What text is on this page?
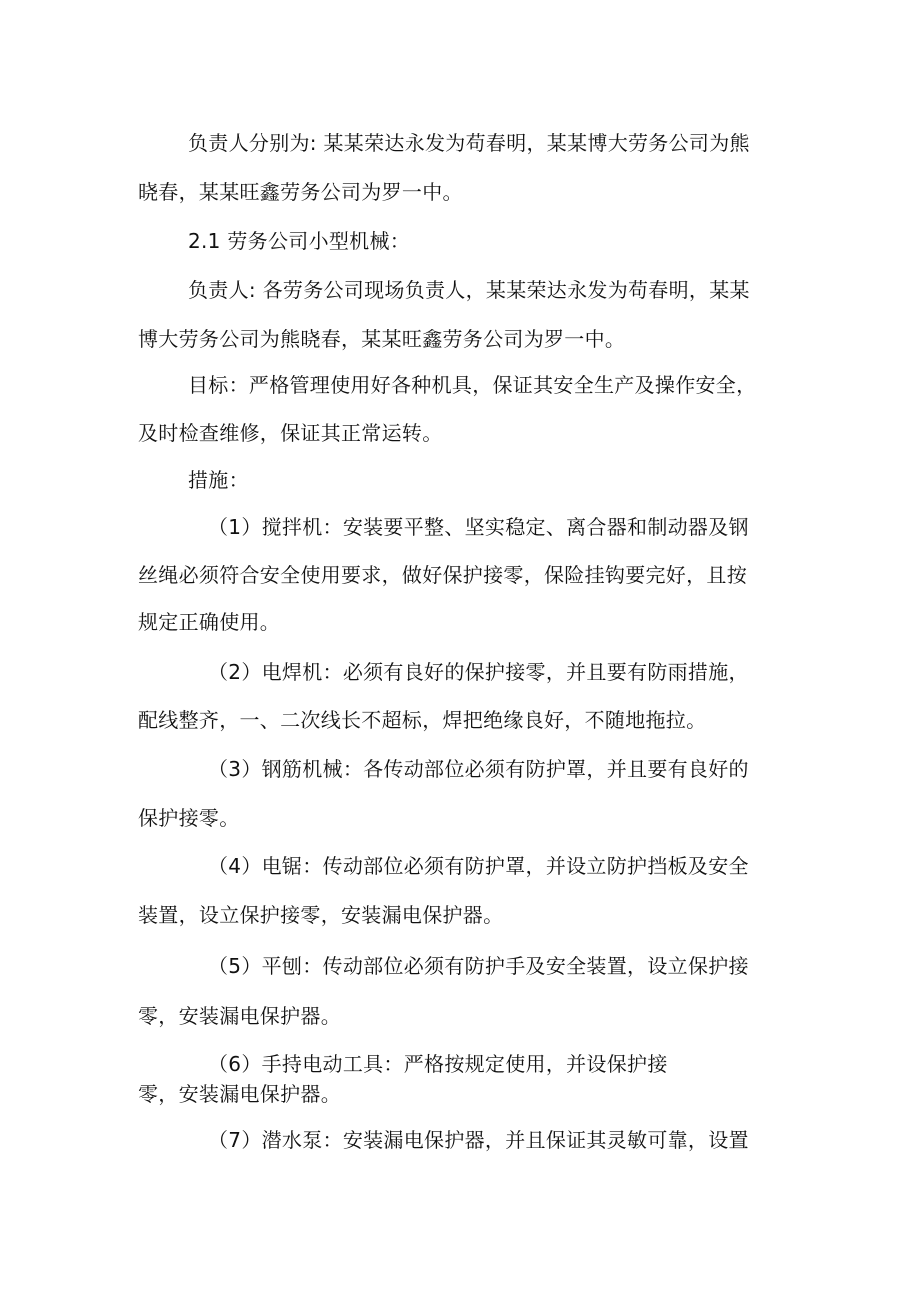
负责人分别为: 某某荣达永发为苟春明，某某博大劳务公司为熊
晓春，某某旺鑫劳务公司为罗一中。
2.1 劳务公司小型机械：
负责人: 各劳务公司现场负责人，某某荣达永发为苟春明，某某
博大劳务公司为熊晓春，某某旺鑫劳务公司为罗一中。
目标：严格管理使用好各种机具，保证其安全生产及操作安全，
及时检查维修，保证其正常运转。
措施：
（1）搅拌机：安装要平整、坚实稳定、离合器和制动器及钢
丝绳必须符合安全使用要求，做好保护接零，保险挂钩要完好，且按
规定正确使用。
（2）电焊机：必须有良好的保护接零，并且要有防雨措施，
配线整齐，一、二次线长不超标，焊把绝缘良好，不随地拖拉。
（3）钢筋机械：各传动部位必须有防护罩，并且要有良好的
保护接零。
（4）电锯：传动部位必须有防护罩，并设立防护挡板及安全
装置，设立保护接零，安装漏电保护器。
（5）平刨：传动部位必须有防护手及安全装置，设立保护接
零，安装漏电保护器。
（6）手持电动工具：严格按规定使用，并设保护接
零，安装漏电保护器。
（7）潜水泵：安装漏电保护器，并且保证其灵敏可靠，设置
